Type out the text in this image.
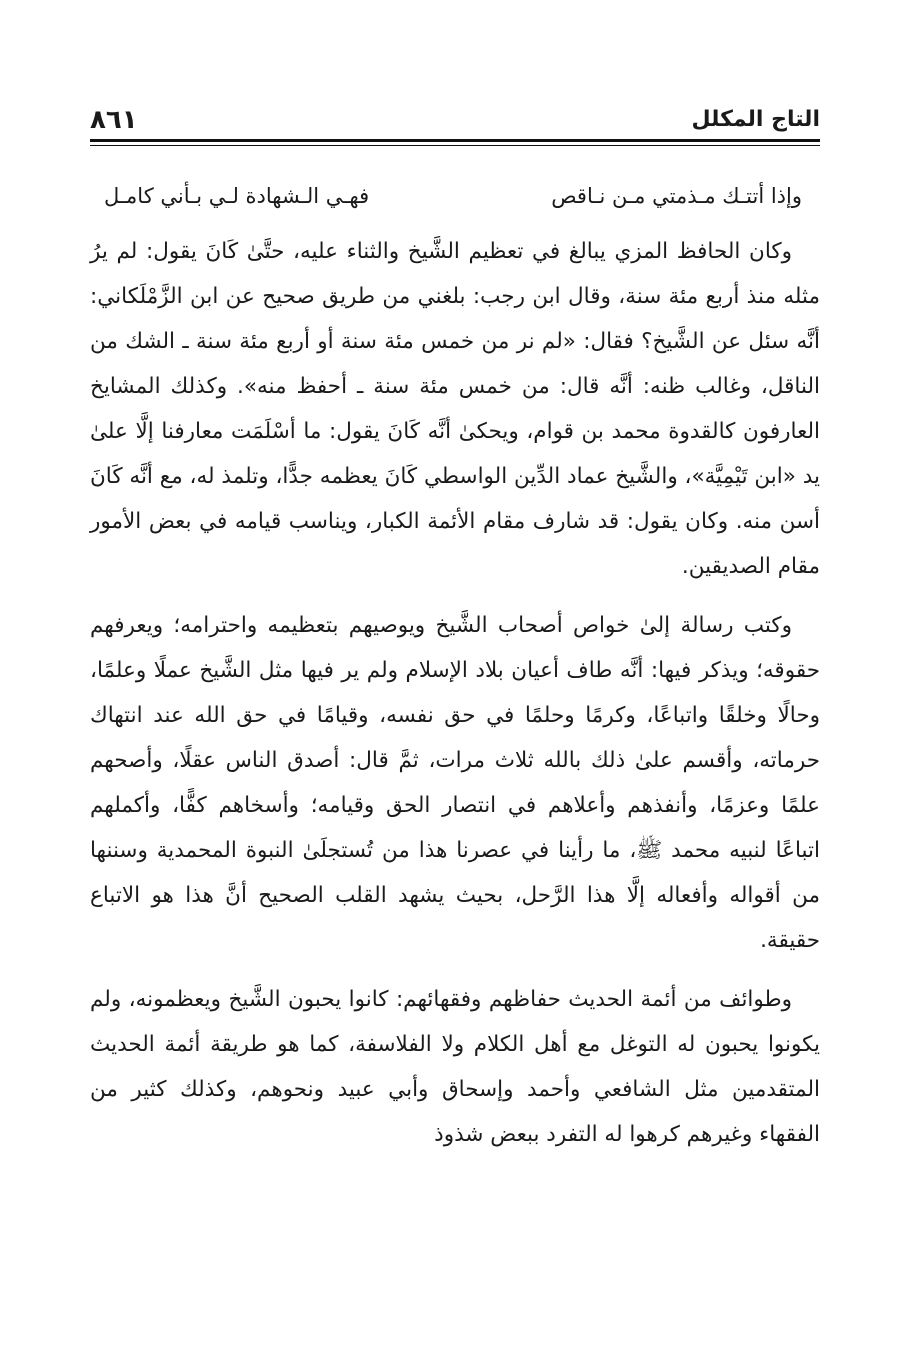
التاج المكلل
٨٦١
وإذا أتتـك مـذمتي مـن نـاقص
فهـي الـشهادة لـي بـأني كامـل

وكان الحافظ المزي يبالغ في تعظيم الشَّيخ والثناء عليه، حتَّىٰ كَانَ يقول: لم يرُ مثله منذ أربع مئة سنة، وقال ابن رجب: بلغني من طريق صحيح عن ابن الزَّمْلَكاني: أنَّه سئل عن الشَّيخ؟ فقال: «لم نر من خمس مئة سنة أو أربع مئة سنة ـ الشك من الناقل، وغالب ظنه: أنَّه قال: من خمس مئة سنة ـ أحفظ منه». وكذلك المشايخ العارفون كالقدوة محمد بن قوام، ويحكىٰ أنَّه كَانَ يقول: ما أسْلَمَت معارفنا إلَّا علىٰ يد «ابن تَيْمِيَّة»، والشَّيخ عماد الدِّين الواسطي كَانَ يعظمه جدًّا، وتلمذ له، مع أنَّه كَانَ أسن منه. وكان يقول: قد شارف مقام الأئمة الكبار، ويناسب قيامه في بعض الأمور مقام الصديقين.

وكتب رسالة إلىٰ خواص أصحاب الشَّيخ ويوصيهم بتعظيمه واحترامه؛ ويعرفهم حقوقه؛ ويذكر فيها: أنَّه طاف أعيان بلاد الإسلام ولم ير فيها مثل الشَّيخ عملًا وعلمًا، وحالًا وخلقًا واتباعًا، وكرمًا وحلمًا في حق نفسه، وقيامًا في حق الله عند انتهاك حرماته، وأقسم علىٰ ذلك بالله ثلاث مرات، ثمَّ قال: أصدق الناس عقلًا، وأصحهم علمًا وعزمًا، وأنفذهم وأعلاهم في انتصار الحق وقيامه؛ وأسخاهم كفًّا، وأكملهم اتباعًا لنبيه محمد ﷺ، ما رأينا في عصرنا هذا من تُستجلَىٰ النبوة المحمدية وسننها من أقواله وأفعاله إلَّا هذا الرَّحل، بحيث يشهد القلب الصحيح أنَّ هذا هو الاتباع حقيقة.

وطوائف من أئمة الحديث حفاظهم وفقهائهم: كانوا يحبون الشَّيخ ويعظمونه، ولم يكونوا يحبون له التوغل مع أهل الكلام ولا الفلاسفة، كما هو طريقة أئمة الحديث المتقدمين مثل الشافعي وأحمد وإسحاق وأبي عبيد ونحوهم، وكذلك كثير من الفقهاء وغيرهم كرهوا له التفرد ببعض شذوذ
